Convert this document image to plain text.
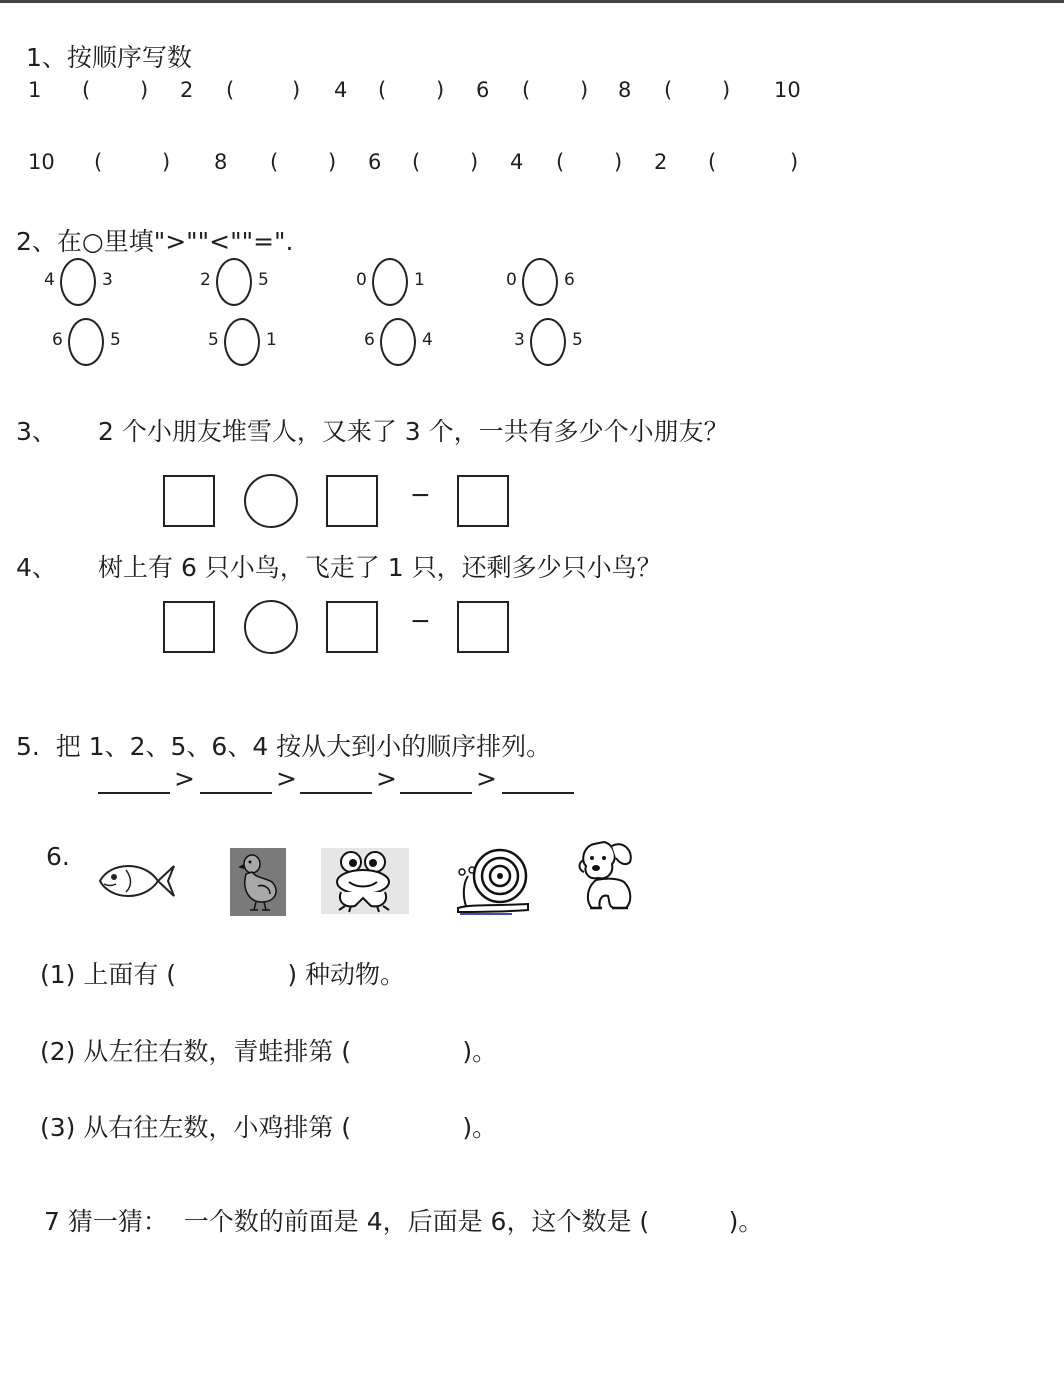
1、按顺序写数
1 ( ) 2 (	) 4 ( ) 6 ( ) 8 ( ) 10
10 (	) 8 ( ) 6 ( ) 4 ( ) 2 (	)
2、在○里填">""<""=".
4	3	2	5	0	1	0	6
6	5	5	1	6	4	3	5
3、 2 个小朋友堆雪人，又来了 3 个，一共有多少个小朋友？
−
4、 树上有 6 只小鸟，飞走了 1 只，还剩多少只小鸟？
−
5.  把 1、2、5、6、4 按从大到小的顺序排列。
>	>	>	>
6.
(1) 上面有 (              ) 种动物。
(2) 从左往右数，青蛙排第 (              )。
(3) 从右往左数，小鸡排第 (              )。
7 猜一猜：  一个数的前面是 4，后面是 6，这个数是 (          )。
